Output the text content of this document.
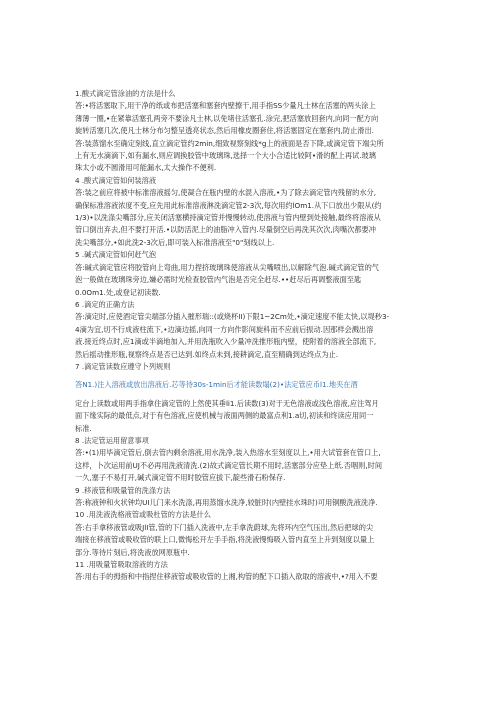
1.酸式滴定管涂油的方法是什么
答:•将活塞取下,用干净的纸或布把活塞和塞套内壁擦干,用手指SS少量凡士林在活塞的两头涂上
薄薄一圈,•在紧靠活塞孔两旁不要涂凡士林,以免堵住活塞孔.涂完,把活塞放回套内,向同一配方向
旋转活塞几次,使凡士林分布匀整呈透亮状态,然后用橡皮圈套住,将活塞固定在塞套内,防止滑出.
答:装蒸馏水至确定刻线,直立滴定管约2min,细致视察刻线*g上的液面是否下降,或滴定管下端尖所
上有无水滴滴下,如有漏水,则应调换胶管中玻璃珠,选择一个大小合适比较阿•滑的配上再试.玻璃
珠太小或不圆滑用可能漏水,太大操作不便利.
4 .酸式滴定管如何装溶液
答:装之前应将被中标准溶液摇匀,使凝合在瓶内壁的水混入溶液,•为了除去滴定管内残留的水分,
确保标准溶液浓度不变,应先用此标准溶液淋洗滴定管2-3次,每次用约lOm1.从下口放出少限从(约
1/3)•以洗涤尖嘴部分,应关闭活塞横持滴定管并慢慢转动,使溶液与管内壁到处接触,最终将溶液从
管口倒出弃去,但不要打开活.•以防活泥上的油脂冲入管内.尽量倒空后再洗其次次,肉嘴次都要冲
洗尖嘴部分,•如此洗2-3次后,即可装入标准溶液至"0"刻线以上.
5 .碱式滴定管如何赶气泡
答:碱式滴定管应将胶管向上弯曲,用力捏挤玻璃珠使溶液从尖嘴喷出,以解除气泡.碱式滴定管的气
泡一般做在玻璃珠旁边,嫌必需时光检查胶管内气泡是否完全赶尽.••赶尽后再调整液面至匙
0.0Om1.处,或登记初读数.
6 .滴定的正确方法
答:滴定时,应使酒定管尖端部分插入摧形瑞::(或烧杯II)下限1~2Cm处,•滴定速度不能太快,以堤秒3-
4滴为宜,切不行成液柱流下,•边滴边摇,向同一方向作影间旋科而不应前后振动.因那样会溅出溶
液.接近终点时,应1滴或半滴地加入,并用洗瓶吹入少量冲洗推形瓶内壁，使附着的溶液全部流下,
然后摇动推形瓶,视察终点是否已达到.如终点未到,接耕滴定,直至精确到达终点为止.
7 .滴定管读数应遵守卜列规则
答N1.)注入溶液或放出溶液后.芯等待30s-1min后才能读数塌(2)•法定管应币l1.地夹在酒
定台上读数或用两手指拿住滴定管的上然使其垂li1.后读数(3)对于无色溶液或浅色溶液,应注驾月
面下缘实际的最低点,对于有色溶液,应使机械与液面两侧的最富点利1.a切,初读和终读应用同一
标准.
8 .法定管运用留意事项
答:•(1)用毕滴定管后,倒去管内剩余溶液,用水洗净,装入热溶水至刻度以上,•用大试管套在管口上,
这样，卜次运用前UJ不必再用洗液清洗.(2)故式滴定管长期不用时,活塞部分应垫上纸.否咽则,时间
一久,塞子不易打开,碱式滴定管不用时胶管应拔下,靛些滑石粉保存.
9 .移液管和吸量管的洗涤方法
答:称液钟和火状钟均UI儿门来水洗涤,再用蒸馏水洗净,较脏时(内壁挂水珠时)可用铜酸洗液洗净.
10 .用洗液洗格液管或吸杜管的方法是什么
答:右手拿移液管或吸JlI管,管的下门插入洗液中,左手拿洗蔚球,先将环内空气压出,然后把球的尖
端接在移液管或吸收管的联上口,微悔松开左手手指,将洗液慢悔吸入管内直至上升到刻度以量上
部分.等待片刻后,将洗液放网原瓶中.
11 .用吸量管吸取溶液的方法
答:用右手的拇指和中指捏住移液管或吸收管的上湘,构管的配下口插入欲取的溶液中,•?用入不要
